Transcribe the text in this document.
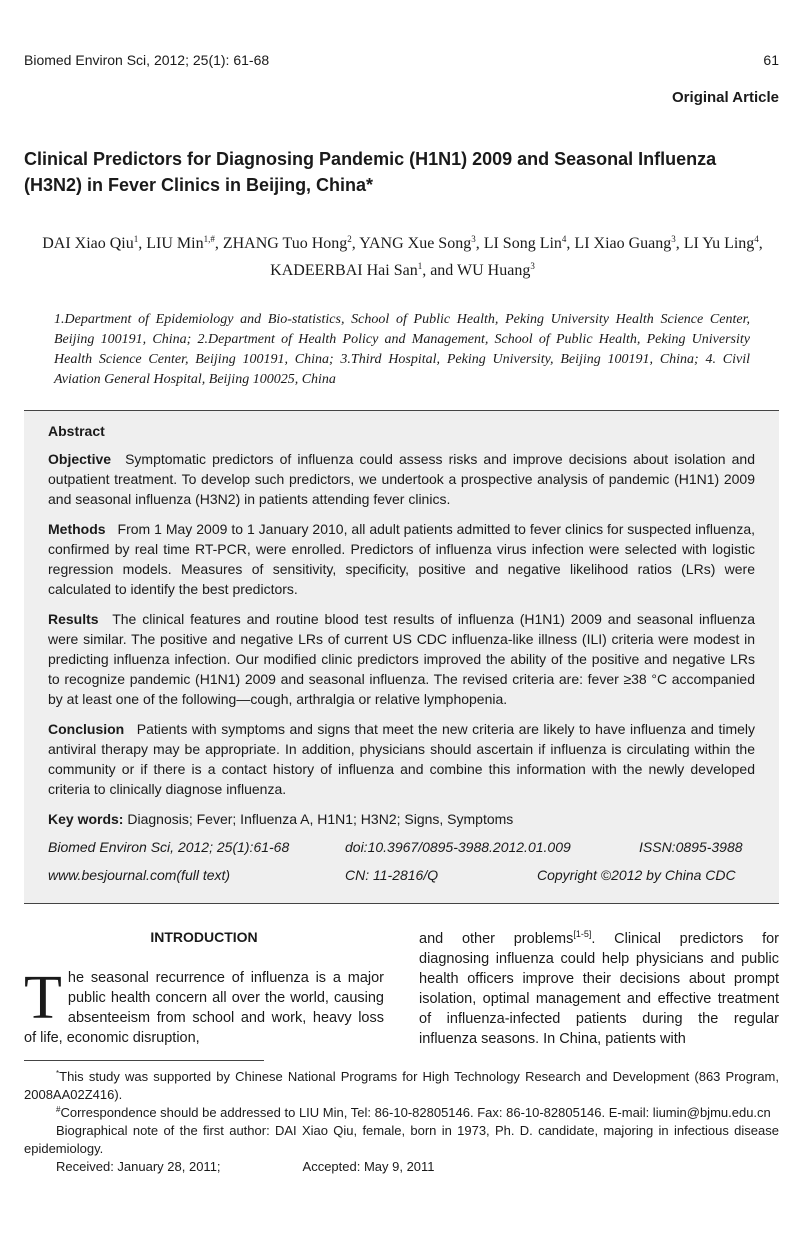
Biomed Environ Sci, 2012; 25(1): 61-68	61
Original Article
Clinical Predictors for Diagnosing Pandemic (H1N1) 2009 and Seasonal Influenza (H3N2) in Fever Clinics in Beijing, China*
DAI Xiao Qiu$^1$, LIU Min$^{1,\#}$, ZHANG Tuo Hong$^2$, YANG Xue Song$^3$, LI Song Lin$^4$, LI Xiao Guang$^3$, LI Yu Ling$^4$, KADEERBAI Hai San$^1$, and WU Huang$^3$
1.Department of Epidemiology and Bio-statistics, School of Public Health, Peking University Health Science Center, Beijing 100191, China; 2.Department of Health Policy and Management, School of Public Health, Peking University Health Science Center, Beijing 100191, China; 3.Third Hospital, Peking University, Beijing 100191, China; 4. Civil Aviation General Hospital, Beijing 100025, China
Abstract
Objective Symptomatic predictors of influenza could assess risks and improve decisions about isolation and outpatient treatment. To develop such predictors, we undertook a prospective analysis of pandemic (H1N1) 2009 and seasonal influenza (H3N2) in patients attending fever clinics.
Methods From 1 May 2009 to 1 January 2010, all adult patients admitted to fever clinics for suspected influenza, confirmed by real time RT-PCR, were enrolled. Predictors of influenza virus infection were selected with logistic regression models. Measures of sensitivity, specificity, positive and negative likelihood ratios (LRs) were calculated to identify the best predictors.
Results The clinical features and routine blood test results of influenza (H1N1) 2009 and seasonal influenza were similar. The positive and negative LRs of current US CDC influenza-like illness (ILI) criteria were modest in predicting influenza infection. Our modified clinic predictors improved the ability of the positive and negative LRs to recognize pandemic (H1N1) 2009 and seasonal influenza. The revised criteria are: fever ≥38 °C accompanied by at least one of the following—cough, arthralgia or relative lymphopenia.
Conclusion Patients with symptoms and signs that meet the new criteria are likely to have influenza and timely antiviral therapy may be appropriate. In addition, physicians should ascertain if influenza is circulating within the community or if there is a contact history of influenza and combine this information with the newly developed criteria to clinically diagnose influenza.
Key words: Diagnosis; Fever; Influenza A, H1N1; H3N2; Signs, Symptoms
Biomed Environ Sci, 2012; 25(1):61-68	doi:10.3967/0895-3988.2012.01.009	ISSN:0895-3988
www.besjournal.com(full text)	CN: 11-2816/Q	Copyright ©2012 by China CDC
INTRODUCTION
T he seasonal recurrence of influenza is a major public health concern all over the world, causing absenteeism from school and work, heavy loss of life, economic disruption,
and other problems[1-5]. Clinical predictors for diagnosing influenza could help physicians and public health officers improve their decisions about prompt isolation, optimal management and effective treatment of influenza-infected patients during the regular influenza seasons. In China, patients with

*This study was supported by Chinese National Programs for High Technology Research and Development (863 Program, 2008AA02Z416).

#Correspondence should be addressed to LIU Min, Tel: 86-10-82805146. Fax: 86-10-82805146. E-mail: liumin@bjmu.edu.cn

Biographical note of the first author: DAI Xiao Qiu, female, born in 1973, Ph. D. candidate, majoring in infectious disease epidemiology.

Received: January 28, 2011;	Accepted: May 9, 2011
